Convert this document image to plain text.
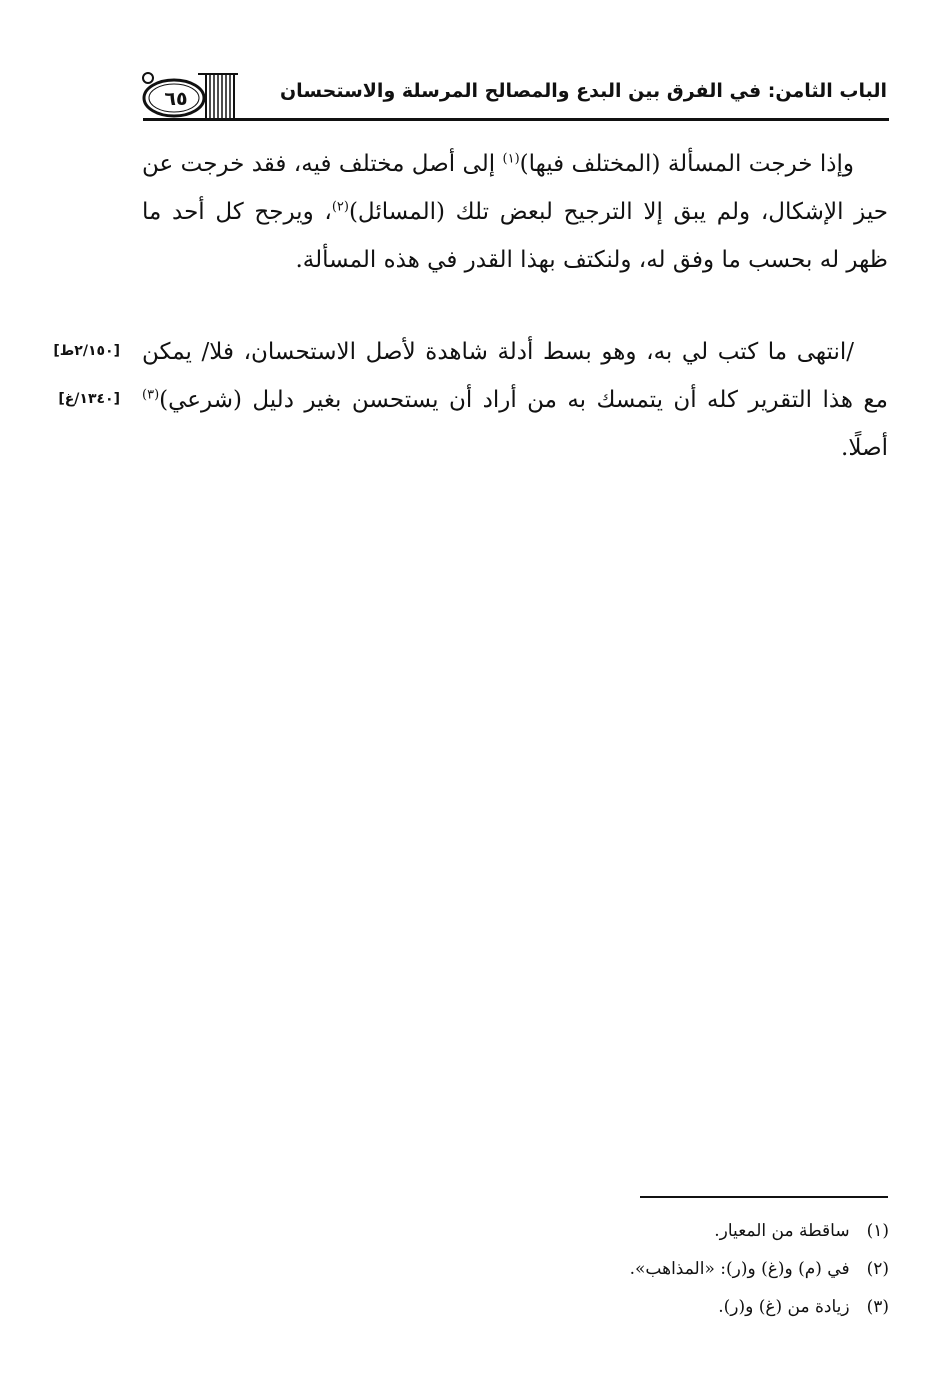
الباب الثامن: في الفرق بين البدع والمصالح المرسلة والاستحسان
٦٥
وإذا خرجت المسألة (المختلف فيها)$^{(١)}$ إلى أصل مختلف فيه، فقد خرجت عن حيز الإشكال، ولم يبق إلا الترجيح لبعض تلك (المسائل)$^{(٢)}$، ويرجح كل أحد ما ظهر له بحسب ما وفق له، ولنكتف بهذا القدر في هذه المسألة.
/انتهى ما كتب لي به، وهو بسط أدلة شاهدة لأصل الاستحسان، فلا/ يمكن مع هذا التقرير كله أن يتمسك به من أراد أن يستحسن بغير دليل (شرعي)$^{(٣)}$ أصلًا.
[٢/١٥٠ط]
[١٣٤٠/غ]
(١) ساقطة من المعيار.
(٢) في (م) و(غ) و(ر): «المذاهب».
(٣) زيادة من (غ) و(ر).
